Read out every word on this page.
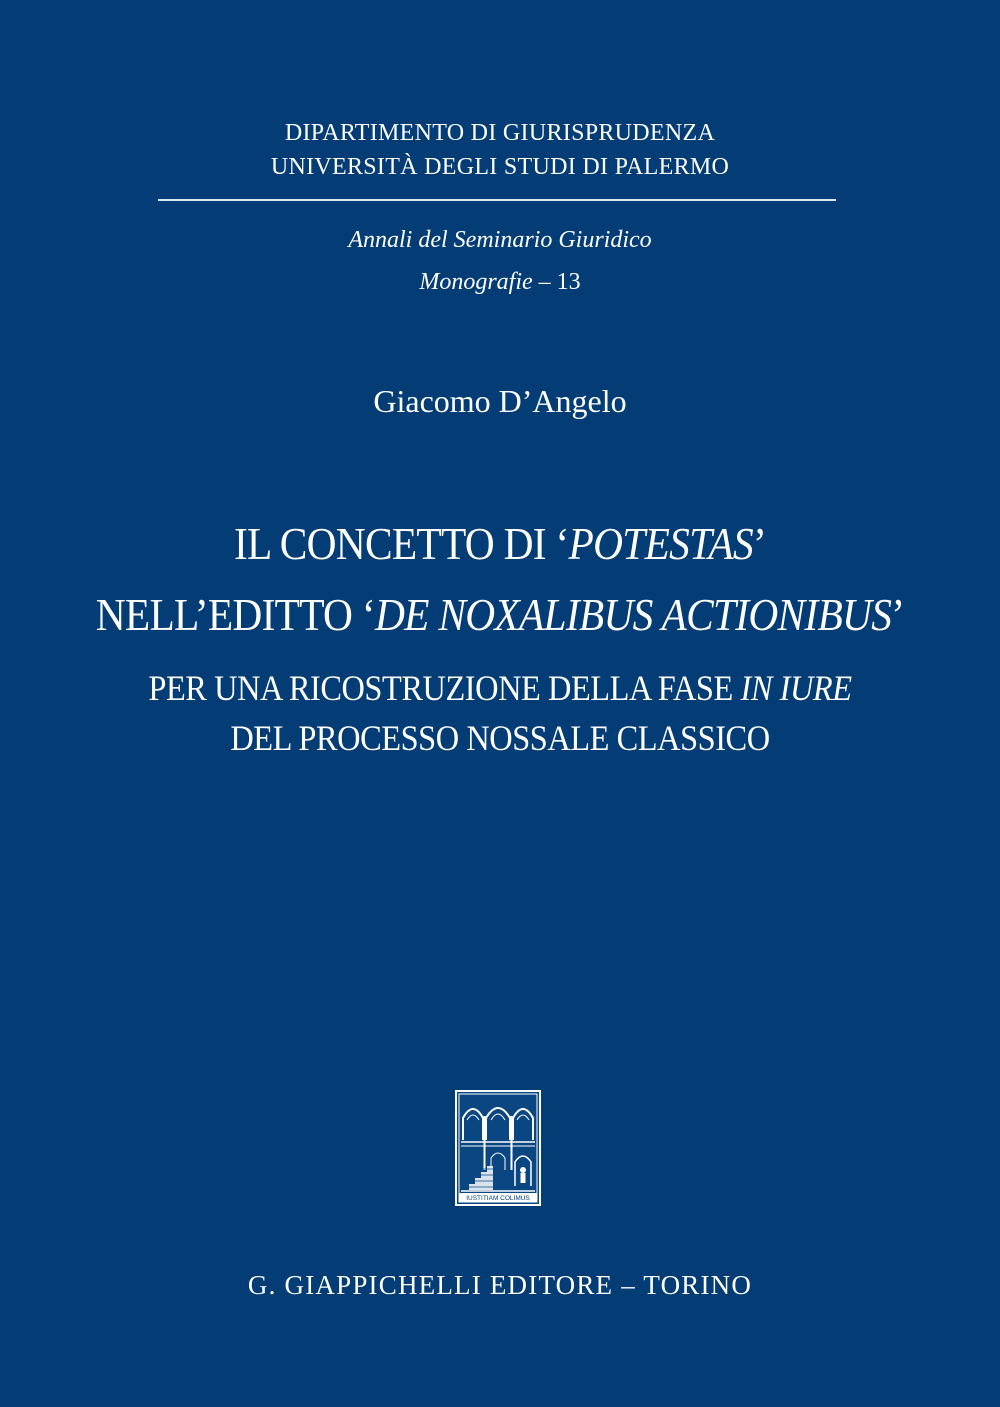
DIPARTIMENTO DI GIURISPRUDENZA
UNIVERSITÀ DEGLI STUDI DI PALERMO
Annali del Seminario Giuridico
Monografie – 13
Giacomo D’Angelo
IL CONCETTO DI ‘POTESTAS’
NELL’EDITTO ‘DE NOXALIBUS ACTIONIBUS’
PER UNA RICOSTRUZIONE DELLA FASE IN IURE
DEL PROCESSO NOSSALE CLASSICO
IUSTITIAM COLIMUS
G. GIAPPICHELLI EDITORE – TORINO
